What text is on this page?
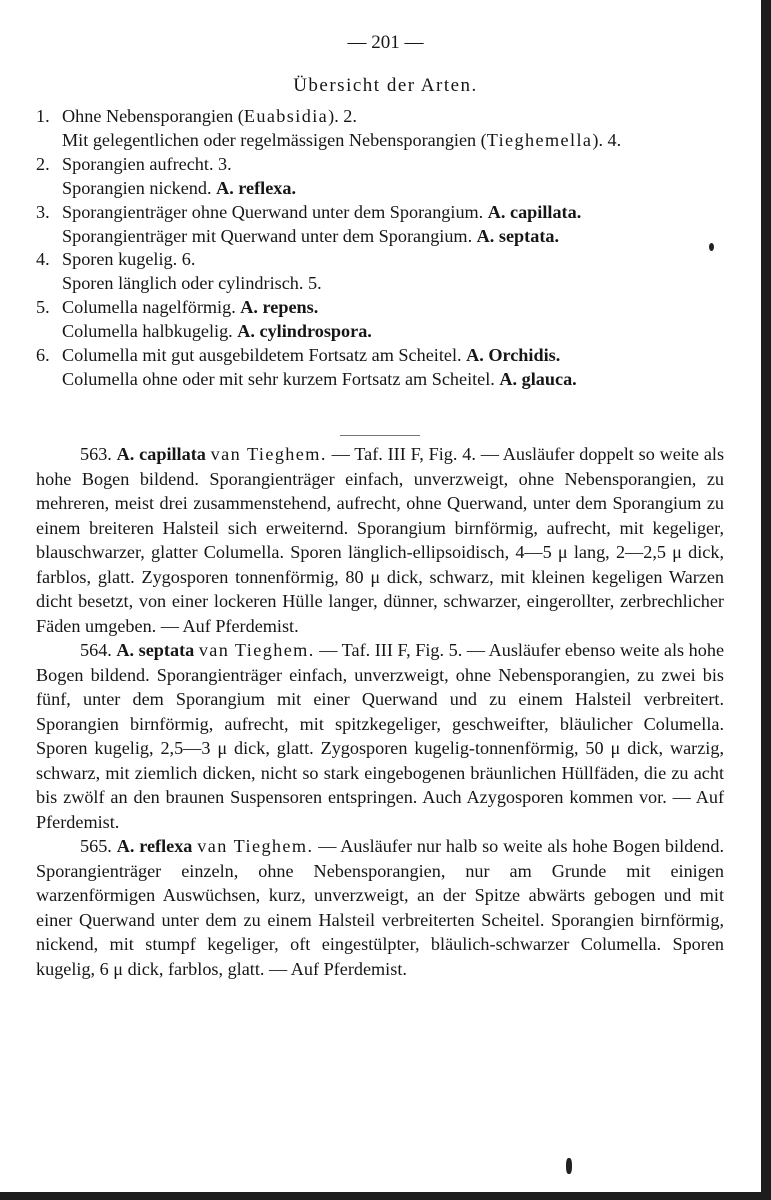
— 201 —
Übersicht der Arten.
1. Ohne Nebensporangien (Euabsidia). 2.
Mit gelegentlichen oder regelmässigen Nebensporangien (Tieghemella). 4.
2. Sporangien aufrecht. 3.
Sporangien nickend. A. reflexa.
3. Sporangienträger ohne Querwand unter dem Sporangium. A. capillata.
Sporangienträger mit Querwand unter dem Sporangium. A. septata.
4. Sporen kugelig. 6.
Sporen länglich oder cylindrisch. 5.
5. Columella nagelförmig. A. repens.
Columella halbkugelig. A. cylindrospora.
6. Columella mit gut ausgebildetem Fortsatz am Scheitel. A. Orchidis.
Columella ohne oder mit sehr kurzem Fortsatz am Scheitel. A. glauca.

563. A. capillata van Tieghem. — Taf. III F, Fig. 4. — Ausläufer doppelt so weite als hohe Bogen bildend. Sporangienträger einfach, unverzweigt, ohne Nebensporangien, zu mehreren, meist drei zusammenstehend, aufrecht, ohne Querwand, unter dem Sporangium zu einem breiteren Halsteil sich erweiternd. Sporangium birnförmig, aufrecht, mit kegeliger, blauschwarzer, glatter Columella. Sporen länglich-ellipsoidisch, 4—5 μ lang, 2—2,5 μ dick, farblos, glatt. Zygosporen tonnenförmig, 80 μ dick, schwarz, mit kleinen kegeligen Warzen dicht besetzt, von einer lockeren Hülle langer, dünner, schwarzer, eingerollter, zerbrechlicher Fäden umgeben. — Auf Pferdemist.

564. A. septata van Tieghem. — Taf. III F, Fig. 5. — Ausläufer ebenso weite als hohe Bogen bildend. Sporangienträger einfach, unverzweigt, ohne Nebensporangien, zu zwei bis fünf, unter dem Sporangium mit einer Querwand und zu einem Halsteil verbreitert. Sporangien birnförmig, aufrecht, mit spitzkegeliger, geschweifter, bläulicher Columella. Sporen kugelig, 2,5—3 μ dick, glatt. Zygosporen kugelig-tonnenförmig, 50 μ dick, warzig, schwarz, mit ziemlich dicken, nicht so stark eingebogenen bräunlichen Hüllfäden, die zu acht bis zwölf an den braunen Suspensoren entspringen. Auch Azygosporen kommen vor. — Auf Pferdemist.

565. A. reflexa van Tieghem. — Ausläufer nur halb so weite als hohe Bogen bildend. Sporangienträger einzeln, ohne Nebensporangien, nur am Grunde mit einigen warzenförmigen Auswüchsen, kurz, unverzweigt, an der Spitze abwärts gebogen und mit einer Querwand unter dem zu einem Halsteil verbreiterten Scheitel. Sporangien birnförmig, nickend, mit stumpf kegeliger, oft eingestülpter, bläulich-schwarzer Columella. Sporen kugelig, 6 μ dick, farblos, glatt. — Auf Pferdemist.
